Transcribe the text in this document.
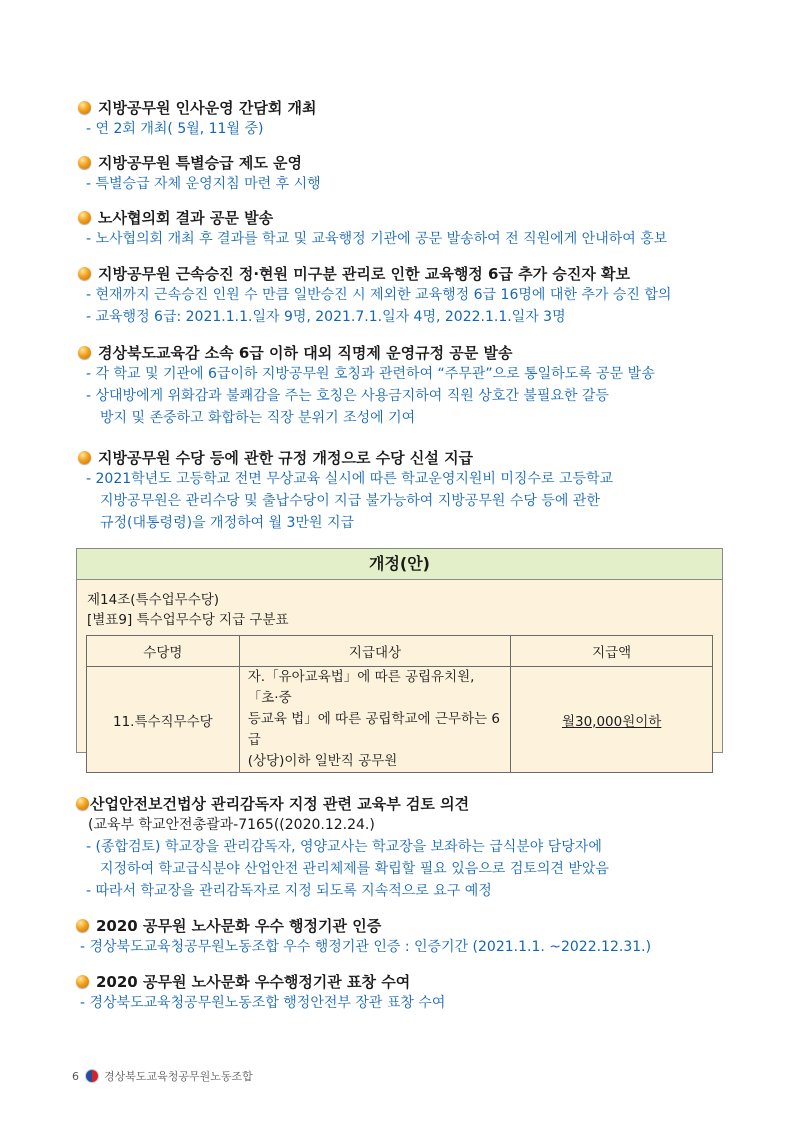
지방공무원 인사운영 간담회 개최
- 연 2회 개최( 5월, 11월 중)
지방공무원 특별승급 제도 운영
- 특별승급 자체 운영지침 마련 후 시행
노사협의회 결과 공문 발송
- 노사협의회 개최 후 결과를 학교 및 교육행정 기관에 공문 발송하여 전 직원에게 안내하여 홍보
지방공무원 근속승진 정·현원 미구분 관리로 인한 교육행정 6급 추가 승진자 확보
- 현재까지 근속승진 인원 수 만큼 일반승진 시 제외한 교육행정 6급 16명에 대한 추가 승진 합의
- 교육행정 6급: 2021.1.1.일자 9명, 2021.7.1.일자 4명, 2022.1.1.일자 3명
경상북도교육감 소속 6급 이하 대외 직명제 운영규정 공문 발송
- 각 학교 및 기관에 6급이하 지방공무원 호칭과 관련하여 “주무관”으로 통일하도록 공문 발송
- 상대방에게 위화감과 불쾌감을 주는 호칭은 사용금지하여 직원 상호간 불필요한 갈등
방지 및 존중하고 화합하는 직장 분위기 조성에 기여
지방공무원 수당 등에 관한 규정 개정으로 수당 신설 지급
- 2021학년도 고등학교 전면 무상교육 실시에 따른 학교운영지원비 미징수로 고등학교
지방공무원은 관리수당 및 출납수당이 지급 불가능하여 지방공무원 수당 등에 관한
규정(대통령령)을 개정하여 월 3만원 지급
개정(안)
제14조(특수업무수당)
[별표9] 특수업무수당 지급 구분표
수당명	지급대상	지급액
11.특수직무수당	자.「유아교육법」에 따른 공립유치원, 「초·중
등교육 법」에 따른 공립학교에 근무하는 6급
(상당)이하 일반직 공무원	월30,000원이하
산업안전보건법상 관리감독자 지정 관련 교육부 검토 의견
(교육부 학교안전총괄과-7165((2020.12.24.)
- (종합검토) 학교장을 관리감독자, 영양교사는 학교장을 보좌하는 급식분야 담당자에
지정하여 학교급식분야 산업안전 관리체제를 확립할 필요 있음으로 검토의견 받았음
- 따라서 학교장을 관리감독자로 지정 되도록 지속적으로 요구 예정
2020 공무원 노사문화 우수 행정기관 인증
- 경상북도교육청공무원노동조합 우수 행정기관 인증 : 인증기간 (2021.1.1. ~2022.12.31.)
2020 공무원 노사문화 우수행정기관 표창 수여
- 경상북도교육청공무원노동조합 행정안전부 장관 표창 수여
6 경상북도교육청공무원노동조합
